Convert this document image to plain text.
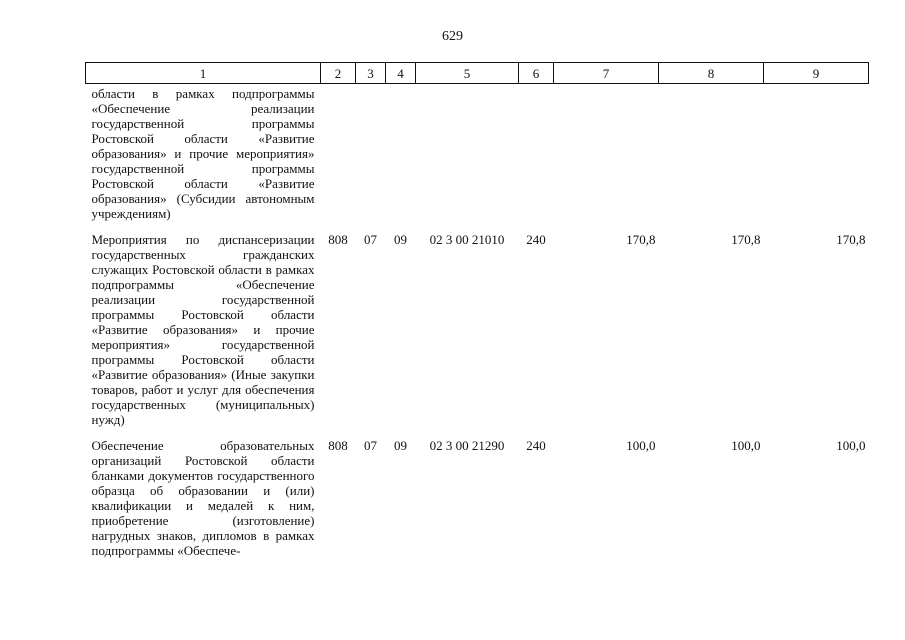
629
1	2	3	4	5	6	7	8	9
области в рамках подпрограммы «Обеспечение реализации государственной программы Ростовской области «Развитие образования» и прочие мероприятия» государственной программы Ростовской области «Развитие образования» (Субсидии автономным учреждениям)								
Мероприятия по диспансеризации государственных гражданских служащих Ростовской области в рамках подпрограммы «Обеспечение реализации государственной программы Ростовской области «Развитие образования» и прочие мероприятия» государственной программы Ростовской области «Развитие образования» (Иные закупки товаров, работ и услуг для обеспечения государственных (муниципальных) нужд)	808	07	09	02 3 00 21010	240	170,8	170,8	170,8
Обеспечение образовательных организаций Ростовской области бланками документов государственного образца об образовании и (или) квалификации и медалей к ним, приобретение (изготовление) нагрудных знаков, дипломов в рамках подпрограммы «Обеспече-	808	07	09	02 3 00 21290	240	100,0	100,0	100,0
